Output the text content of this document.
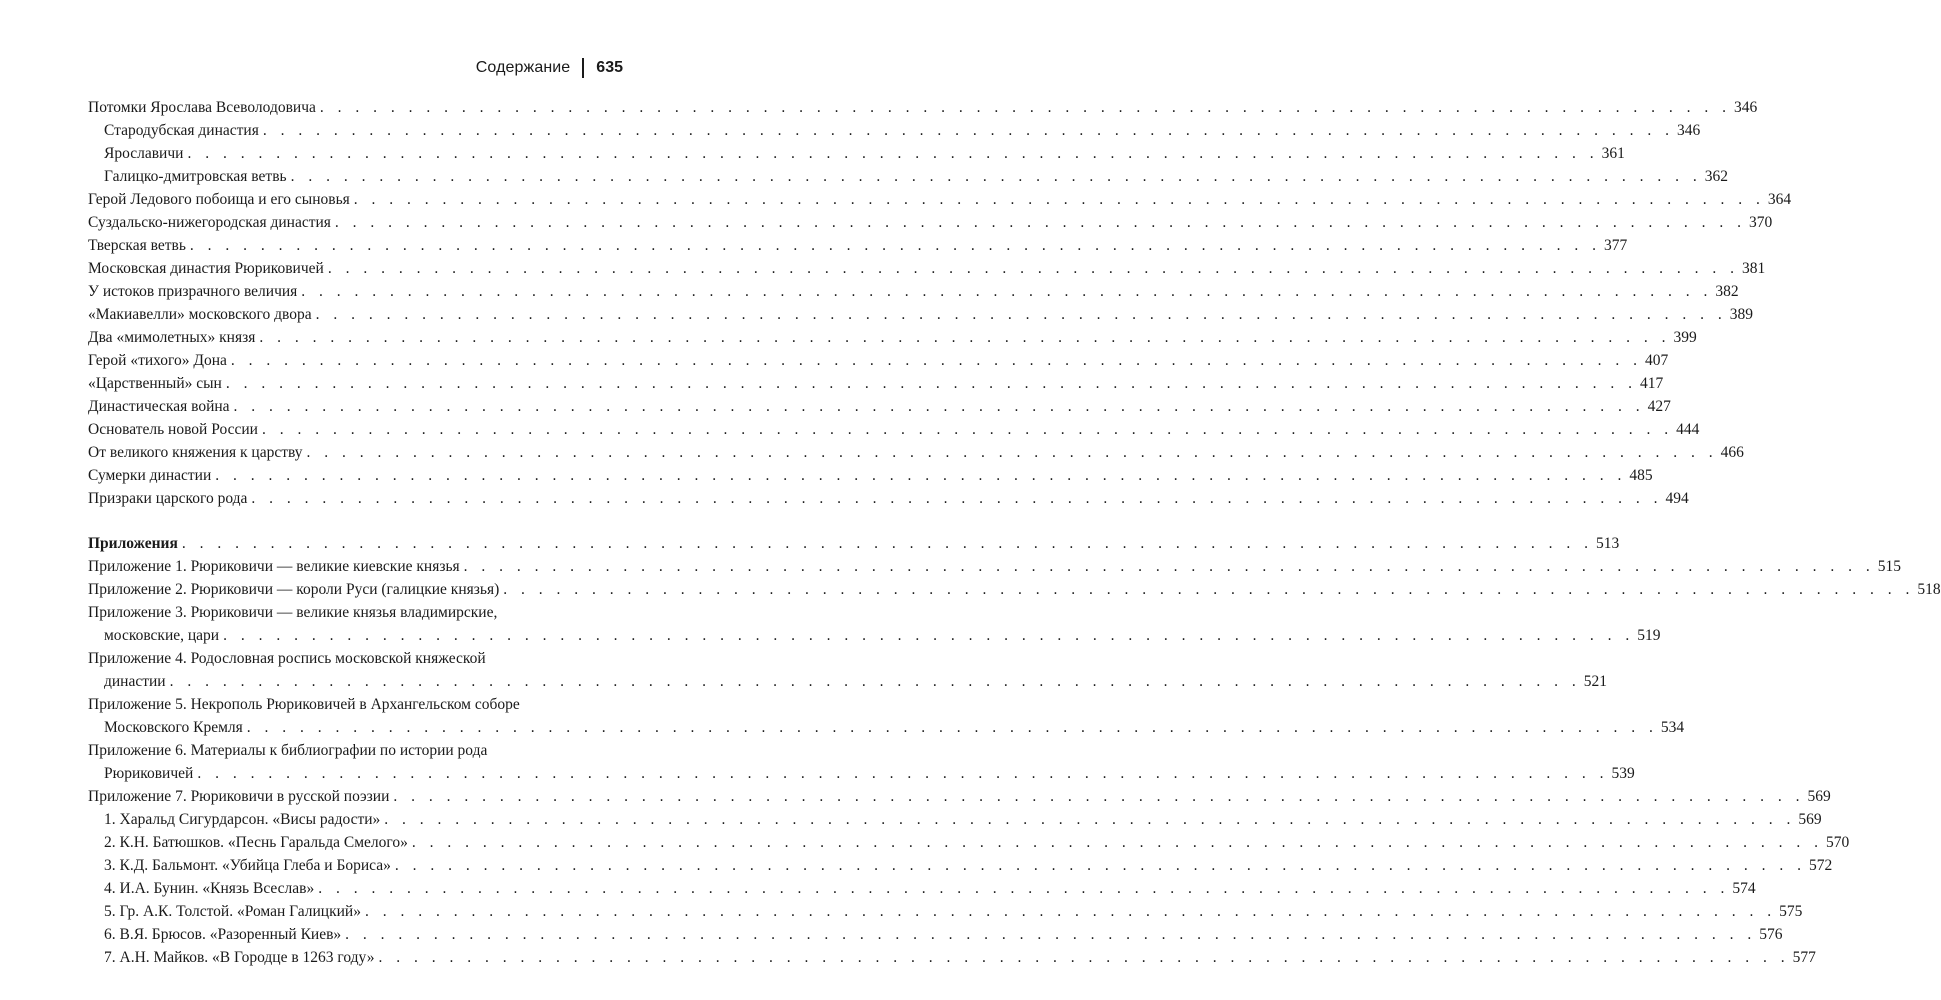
Содержание 635
Потомки Ярослава Всеволодовича . . . . . . . . . . . . . . . . . . . . . . . . . . . . . . . . . . . . . . . . . . . . . . . . . . . . . . . . . . . . . . . . . . . . . . . . . . . . . . . . 346
Стародубская династия . . . . . . . . . . . . . . . . . . . . . . . . . . . . . . . . . . . . . . . . . . . . . . . . . . . . . . . . . . . . . . . . . . . . . . . . . . . . . . . . 346
Ярославичи . . . . . . . . . . . . . . . . . . . . . . . . . . . . . . . . . . . . . . . . . . . . . . . . . . . . . . . . . . . . . . . . . . . . . . . . . . . . . . . . 361
Галицко-дмитровская ветвь . . . . . . . . . . . . . . . . . . . . . . . . . . . . . . . . . . . . . . . . . . . . . . . . . . . . . . . . . . . . . . . . . . . . . . . . . . . . . . . . 362
Герой Ледового побоища и его сыновья . . . . . . . . . . . . . . . . . . . . . . . . . . . . . . . . . . . . . . . . . . . . . . . . . . . . . . . . . . . . . . . . . . . . . . . . . . . . . . . . 364
Суздальско-нижегородская династия . . . . . . . . . . . . . . . . . . . . . . . . . . . . . . . . . . . . . . . . . . . . . . . . . . . . . . . . . . . . . . . . . . . . . . . . . . . . . . . . 370
Тверская ветвь . . . . . . . . . . . . . . . . . . . . . . . . . . . . . . . . . . . . . . . . . . . . . . . . . . . . . . . . . . . . . . . . . . . . . . . . . . . . . . . . 377
Московская династия Рюриковичей . . . . . . . . . . . . . . . . . . . . . . . . . . . . . . . . . . . . . . . . . . . . . . . . . . . . . . . . . . . . . . . . . . . . . . . . . . . . . . . . 381
У истоков призрачного величия . . . . . . . . . . . . . . . . . . . . . . . . . . . . . . . . . . . . . . . . . . . . . . . . . . . . . . . . . . . . . . . . . . . . . . . . . . . . . . . . 382
«Макиавелли» московского двора . . . . . . . . . . . . . . . . . . . . . . . . . . . . . . . . . . . . . . . . . . . . . . . . . . . . . . . . . . . . . . . . . . . . . . . . . . . . . . . . 389
Два «мимолетных» князя . . . . . . . . . . . . . . . . . . . . . . . . . . . . . . . . . . . . . . . . . . . . . . . . . . . . . . . . . . . . . . . . . . . . . . . . . . . . . . . . 399
Герой «тихого» Дона . . . . . . . . . . . . . . . . . . . . . . . . . . . . . . . . . . . . . . . . . . . . . . . . . . . . . . . . . . . . . . . . . . . . . . . . . . . . . . . . 407
«Царственный» сын . . . . . . . . . . . . . . . . . . . . . . . . . . . . . . . . . . . . . . . . . . . . . . . . . . . . . . . . . . . . . . . . . . . . . . . . . . . . . . . . 417
Династическая война . . . . . . . . . . . . . . . . . . . . . . . . . . . . . . . . . . . . . . . . . . . . . . . . . . . . . . . . . . . . . . . . . . . . . . . . . . . . . . . . 427
Основатель новой России . . . . . . . . . . . . . . . . . . . . . . . . . . . . . . . . . . . . . . . . . . . . . . . . . . . . . . . . . . . . . . . . . . . . . . . . . . . . . . . . 444
От великого княжения к царству . . . . . . . . . . . . . . . . . . . . . . . . . . . . . . . . . . . . . . . . . . . . . . . . . . . . . . . . . . . . . . . . . . . . . . . . . . . . . . . . 466
Сумерки династии . . . . . . . . . . . . . . . . . . . . . . . . . . . . . . . . . . . . . . . . . . . . . . . . . . . . . . . . . . . . . . . . . . . . . . . . . . . . . . . . 485
Призраки царского рода . . . . . . . . . . . . . . . . . . . . . . . . . . . . . . . . . . . . . . . . . . . . . . . . . . . . . . . . . . . . . . . . . . . . . . . . . . . . . . . . 494
Приложения . . . . . . . . . . . . . . . . . . . . . . . . . . . . . . . . . . . . . . . . . . . . . . . . . . . . . . . . . . . . . . . . . . . . . . . . . . . . . . . . 513
Приложение 1. Рюриковичи — великие киевские князья . . . . . . . . . . . . . . . . . . . . . . . . . . . . . . . . . . . . . . . . . . . . . . . . . . . . . . . . . . . . . . . . . . . . . . . . . . . . . . . . 515
Приложение 2. Рюриковичи — короли Руси (галицкие князья) . . . . . . . . . . . . . . . . . . . . . . . . . . . . . . . . . . . . . . . . . . . . . . . . . . . . . . . . . . . . . . . . . . . . . . . . . . . . . . . . 518
Приложение 3. Рюриковичи — великие князья владимирские,
московские, цари . . . . . . . . . . . . . . . . . . . . . . . . . . . . . . . . . . . . . . . . . . . . . . . . . . . . . . . . . . . . . . . . . . . . . . . . . . . . . . . . 519
Приложение 4. Родословная роспись московской княжеской
династии . . . . . . . . . . . . . . . . . . . . . . . . . . . . . . . . . . . . . . . . . . . . . . . . . . . . . . . . . . . . . . . . . . . . . . . . . . . . . . . . 521
Приложение 5. Некрополь Рюриковичей в Архангельском соборе
Московского Кремля . . . . . . . . . . . . . . . . . . . . . . . . . . . . . . . . . . . . . . . . . . . . . . . . . . . . . . . . . . . . . . . . . . . . . . . . . . . . . . . . 534
Приложение 6. Материалы к библиографии по истории рода
Рюриковичей . . . . . . . . . . . . . . . . . . . . . . . . . . . . . . . . . . . . . . . . . . . . . . . . . . . . . . . . . . . . . . . . . . . . . . . . . . . . . . . . 539
Приложение 7. Рюриковичи в русской поэзии . . . . . . . . . . . . . . . . . . . . . . . . . . . . . . . . . . . . . . . . . . . . . . . . . . . . . . . . . . . . . . . . . . . . . . . . . . . . . . . . 569
1. Харальд Сигурдарсон. «Висы радости» . . . . . . . . . . . . . . . . . . . . . . . . . . . . . . . . . . . . . . . . . . . . . . . . . . . . . . . . . . . . . . . . . . . . . . . . . . . . . . . . 569
2. К.Н. Батюшков. «Песнь Гаральда Смелого» . . . . . . . . . . . . . . . . . . . . . . . . . . . . . . . . . . . . . . . . . . . . . . . . . . . . . . . . . . . . . . . . . . . . . . . . . . . . . . . . 570
3. К.Д. Бальмонт. «Убийца Глеба и Бориса» . . . . . . . . . . . . . . . . . . . . . . . . . . . . . . . . . . . . . . . . . . . . . . . . . . . . . . . . . . . . . . . . . . . . . . . . . . . . . . . . 572
4. И.А. Бунин. «Князь Всеслав» . . . . . . . . . . . . . . . . . . . . . . . . . . . . . . . . . . . . . . . . . . . . . . . . . . . . . . . . . . . . . . . . . . . . . . . . . . . . . . . . 574
5. Гр. А.К. Толстой. «Роман Галицкий» . . . . . . . . . . . . . . . . . . . . . . . . . . . . . . . . . . . . . . . . . . . . . . . . . . . . . . . . . . . . . . . . . . . . . . . . . . . . . . . . 575
6. В.Я. Брюсов. «Разоренный Киев» . . . . . . . . . . . . . . . . . . . . . . . . . . . . . . . . . . . . . . . . . . . . . . . . . . . . . . . . . . . . . . . . . . . . . . . . . . . . . . . . 576
7. А.Н. Майков. «В Городце в 1263 году» . . . . . . . . . . . . . . . . . . . . . . . . . . . . . . . . . . . . . . . . . . . . . . . . . . . . . . . . . . . . . . . . . . . . . . . . . . . . . . . . 577
